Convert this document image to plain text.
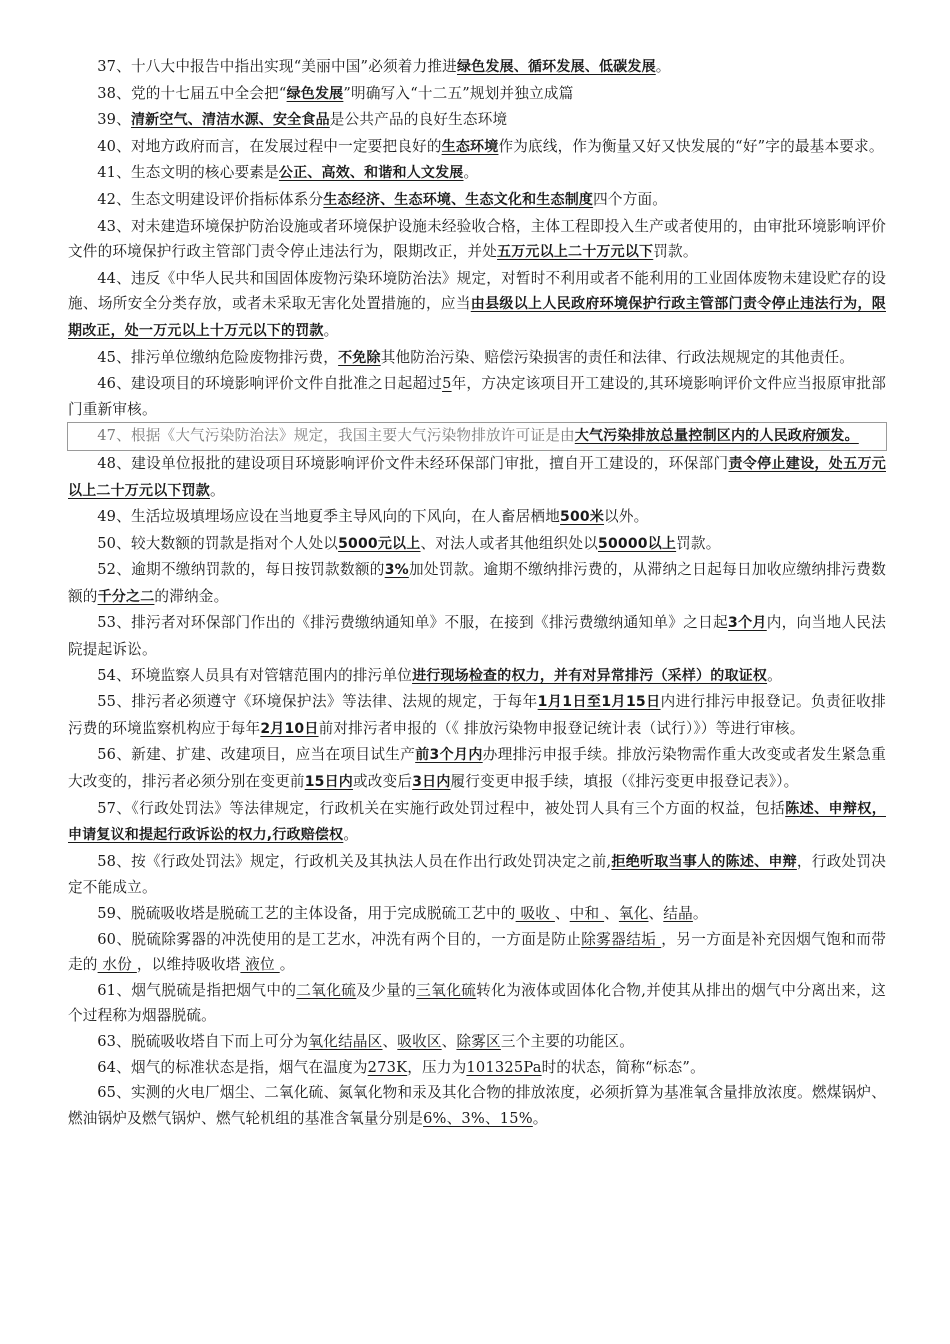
37、十八大中报告中指出实现“美丽中国”必须着力推进绿色发展、循环发展、低碳发展。
38、党的十七届五中全会把“绿色发展”明确写入“十二五”规划并独立成篇
39、清新空气、清洁水源、安全食品是公共产品的良好生态环境
40、对地方政府而言，在发展过程中一定要把良好的生态环境作为底线，作为衡量又好又快发展的“好”字的最基本要求。
41、生态文明的核心要素是公正、高效、和谐和人文发展。
42、生态文明建设评价指标体系分生态经济、生态环境、生态文化和生态制度四个方面。
43、对未建造环境保护防治设施或者环境保护设施未经验收合格，主体工程即投入生产或者使用的，由审批环境影响评价文件的环境保护行政主管部门责令停止违法行为，限期改正，并处五万元以上二十万元以下罚款。
44、违反《中华人民共和国固体废物污染环境防治法》规定，对暂时不利用或者不能利用的工业固体废物未建设贮存的设施、场所安全分类存放，或者未采取无害化处置措施的，应当由县级以上人民政府环境保护行政主管部门责令停止违法行为，限期改正，处一万元以上十万元以下的罚款。
45、排污单位缴纳危险废物排污费，不免除其他防治污染、赔偿污染损害的责任和法律、行政法规规定的其他责任。
46、建设项目的环境影响评价文件自批准之日起超过5年，方决定该项目开工建设的,其环境影响评价文件应当报原审批部门重新审核。
47、根据《大气污染防治法》规定，我国主要大气污染物排放许可证是由大气污染排放总量控制区内的人民政府颁发。
48、建设单位报批的建设项目环境影响评价文件未经环保部门审批，擅自开工建设的，环保部门责令停止建设，处五万元以上二十万元以下罚款。
49、生活垃圾填埋场应设在当地夏季主导风向的下风向，在人畜居栖地500米以外。
50、较大数额的罚款是指对个人处以5000元以上、对法人或者其他组织处以50000以上罚款。
52、逾期不缴纳罚款的，每日按罚款数额的3%加处罚款。逾期不缴纳排污费的，从滞纳之日起每日加收应缴纳排污费数额的千分之二的滞纳金。
53、排污者对环保部门作出的《排污费缴纳通知单》不服，在接到《排污费缴纳通知单》之日起3个月内，向当地人民法院提起诉讼。
54、环境监察人员具有对管辖范围内的排污单位进行现场检查的权力，并有对异常排污（采样）的取证权。
55、排污者必须遵守《环境保护法》等法律、法规的规定，于每年1月1日至1月15日内进行排污申报登记。负责征收排污费的环境监察机构应于每年2月10日前对排污者申报的（《 排放污染物申报登记统计表（试行）》）等进行审核。
56、新建、扩建、改建项目，应当在项目试生产前3个月内办理排污申报手续。排放污染物需作重大改变或者发生紧急重大改变的，排污者必须分别在变更前15日内或改变后3日内履行变更申报手续，填报（《排污变更申报登记表》）。
57、《行政处罚法》等法律规定，行政机关在实施行政处罚过程中，被处罚人具有三个方面的权益，包括陈述、申辩权，申请复议和提起行政诉讼的权力,行政赔偿权。
58、按《行政处罚法》规定，行政机关及其执法人员在作出行政处罚决定之前,拒绝听取当事人的陈述、申辩，行政处罚决定不能成立。
59、脱硫吸收塔是脱硫工艺的主体设备，用于完成脱硫工艺中的 吸收 、中和 、氧化、结晶。
60、脱硫除雾器的冲洗使用的是工艺水，冲洗有两个目的，一方面是防止除雾器结垢 ，另一方面是补充因烟气饱和而带走的 水份 ，以维持吸收塔 液位 。
61、烟气脱硫是指把烟气中的二氧化硫及少量的三氧化硫转化为液体或固体化合物,并使其从排出的烟气中分离出来，这个过程称为烟器脱硫。
63、脱硫吸收塔自下而上可分为氧化结晶区、吸收区、除雾区三个主要的功能区。
64、烟气的标准状态是指，烟气在温度为273K，压力为101325Pa时的状态，简称“标态”。
65、实测的火电厂烟尘、二氧化硫、氮氧化物和汞及其化合物的排放浓度，必须折算为基准氧含量排放浓度。燃煤锅炉、燃油锅炉及燃气锅炉、燃气轮机组的基准含氧量分别是6%、3%、15%。
